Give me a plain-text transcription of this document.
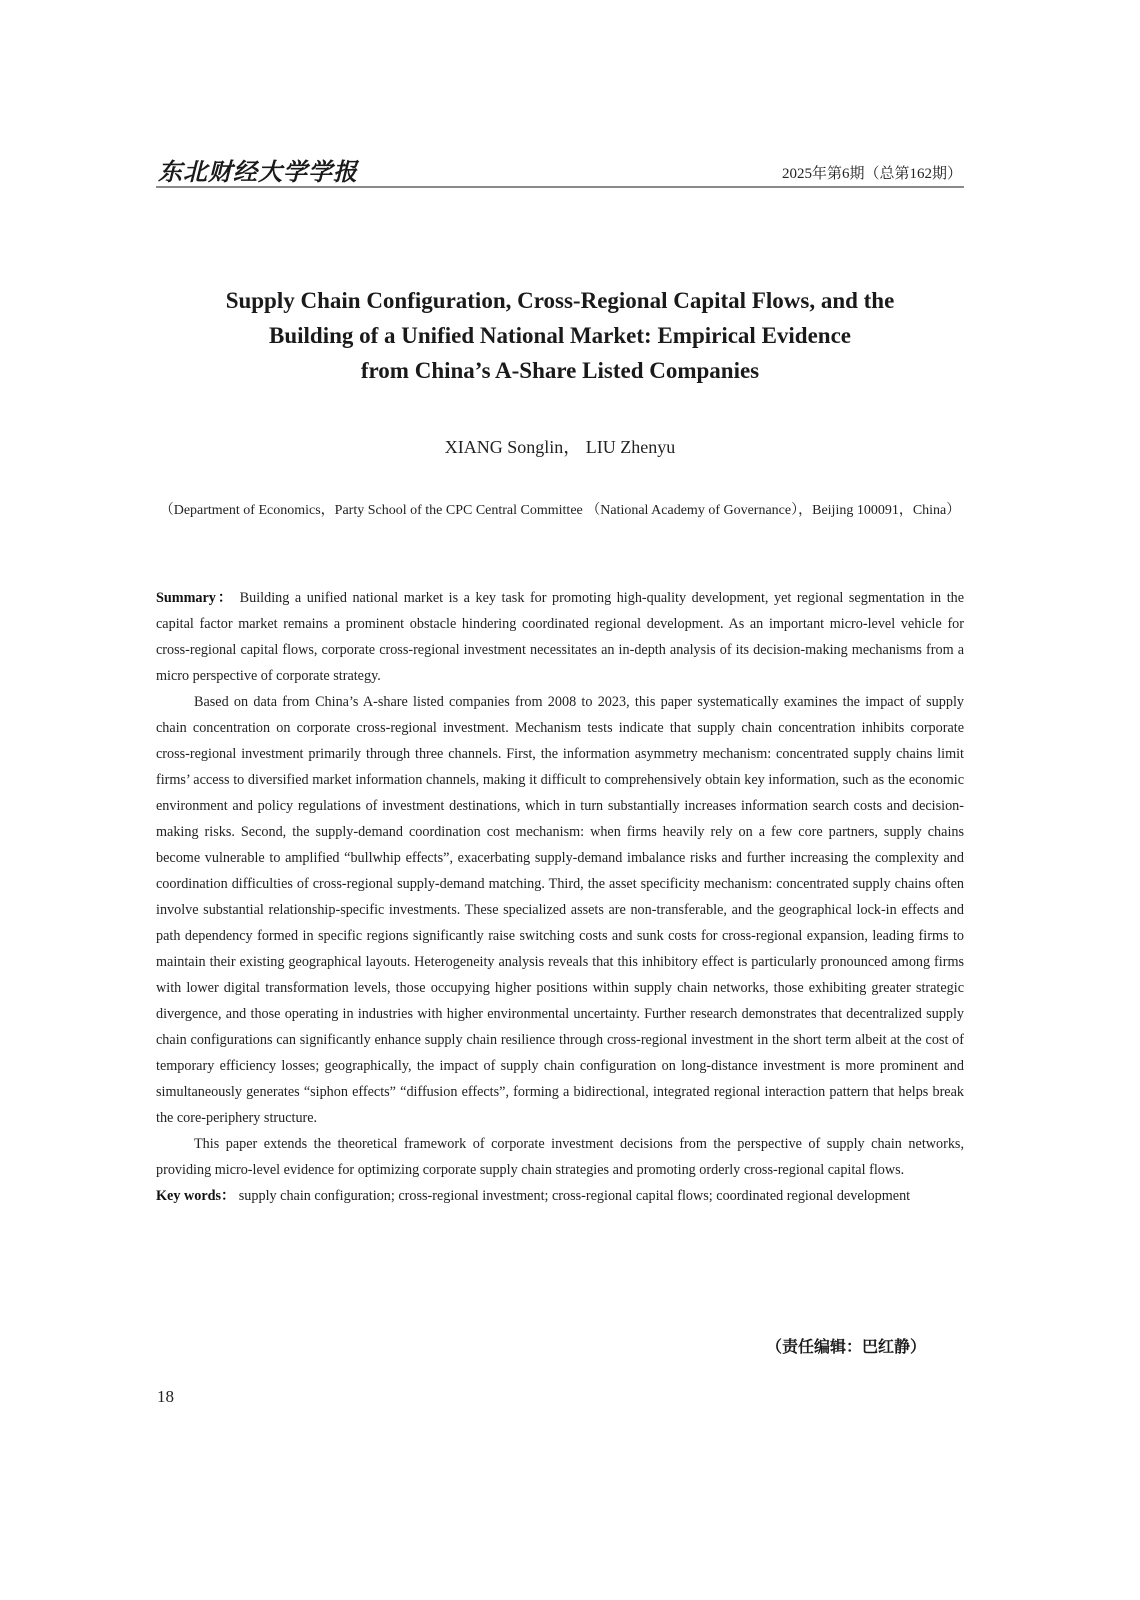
东北财经大学学报	2025年第6期（总第162期）
Supply Chain Configuration, Cross-Regional Capital Flows, and the
Building of a Unified National Market: Empirical Evidence
from China’s A-Share Listed Companies
XIANG Songlin， LIU Zhenyu
（Department of Economics，Party School of the CPC Central Committee （National Academy of Governance），Beijing 100091，China）

Summary： Building a unified national market is a key task for promoting high-quality development, yet regional segmentation in the capital factor market remains a prominent obstacle hindering coordinated regional development. As an important micro-level vehicle for cross-regional capital flows, corporate cross-regional investment necessitates an in-depth analysis of its decision-making mechanisms from a micro perspective of corporate strategy.

Based on data from China’s A-share listed companies from 2008 to 2023, this paper systematically examines the impact of supply chain concentration on corporate cross-regional investment. Mechanism tests indicate that supply chain concentration inhibits corporate cross-regional investment primarily through three channels. First, the information asymmetry mechanism: concentrated supply chains limit firms’ access to diversified market information channels, making it difficult to comprehensively obtain key information, such as the economic environment and policy regulations of investment destinations, which in turn substantially increases information search costs and decision-making risks. Second, the supply-demand coordination cost mechanism: when firms heavily rely on a few core partners, supply chains become vulnerable to amplified “bullwhip effects”, exacerbating supply-demand imbalance risks and further increasing the complexity and coordination difficulties of cross-regional supply-demand matching. Third, the asset specificity mechanism: concentrated supply chains often involve substantial relationship-specific investments. These specialized assets are non-transferable, and the geographical lock-in effects and path dependency formed in specific regions significantly raise switching costs and sunk costs for cross-regional expansion, leading firms to maintain their existing geographical layouts. Heterogeneity analysis reveals that this inhibitory effect is particularly pronounced among firms with lower digital transformation levels, those occupying higher positions within supply chain networks, those exhibiting greater strategic divergence, and those operating in industries with higher environmental uncertainty. Further research demonstrates that decentralized supply chain configurations can significantly enhance supply chain resilience through cross-regional investment in the short term albeit at the cost of temporary efficiency losses; geographically, the impact of supply chain configuration on long-distance investment is more prominent and simultaneously generates “siphon effects” “diffusion effects”, forming a bidirectional, integrated regional interaction pattern that helps break the core-periphery structure.

This paper extends the theoretical framework of corporate investment decisions from the perspective of supply chain networks, providing micro-level evidence for optimizing corporate supply chain strategies and promoting orderly cross-regional capital flows.

Key words： supply chain configuration; cross-regional investment; cross-regional capital flows; coordinated regional development

（责任编辑：巴红静）
18
